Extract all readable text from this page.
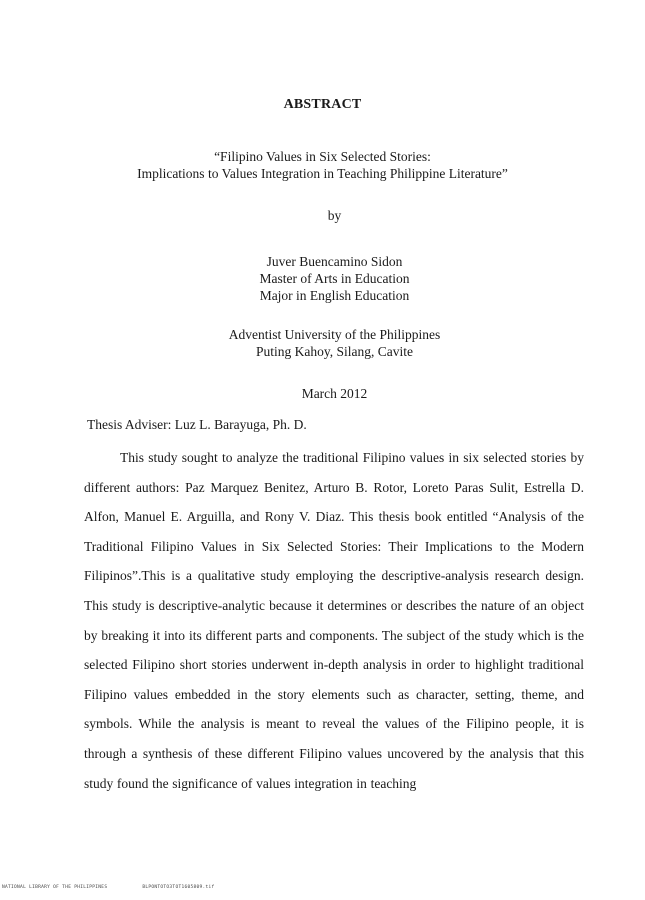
ABSTRACT
“Filipino Values in Six Selected Stories:
Implications to Values Integration in Teaching Philippine Literature”
by
Juver Buencamino Sidon
Master of Arts in Education
Major in English Education
Adventist University of the Philippines
Puting Kahoy, Silang, Cavite
March 2012
Thesis Adviser: Luz L. Barayuga, Ph. D.

This study sought to analyze the traditional Filipino values in six selected stories by different authors: Paz Marquez Benitez, Arturo B. Rotor, Loreto Paras Sulit, Estrella D. Alfon, Manuel E. Arguilla, and Rony V. Diaz. This thesis book entitled “Analysis of the Traditional Filipino Values in Six Selected Stories: Their Implications to the Modern Filipinos”.This is a qualitative study employing the descriptive-analysis research design. This study is descriptive-analytic because it determines or describes the nature of an object by breaking it into its different parts and components. The subject of the study which is the selected Filipino short stories underwent in-depth analysis in order to highlight traditional Filipino values embedded in the story elements such as character, setting, theme, and symbols. While the analysis is meant to reveal the values of the Filipino people, it is through a synthesis of these different Filipino values uncovered by the analysis that this study found the significance of values integration in teaching

NATIONAL LIBRARY OF THE PHILIPPINES	BLPONTOTO3TOT1605809.tif
